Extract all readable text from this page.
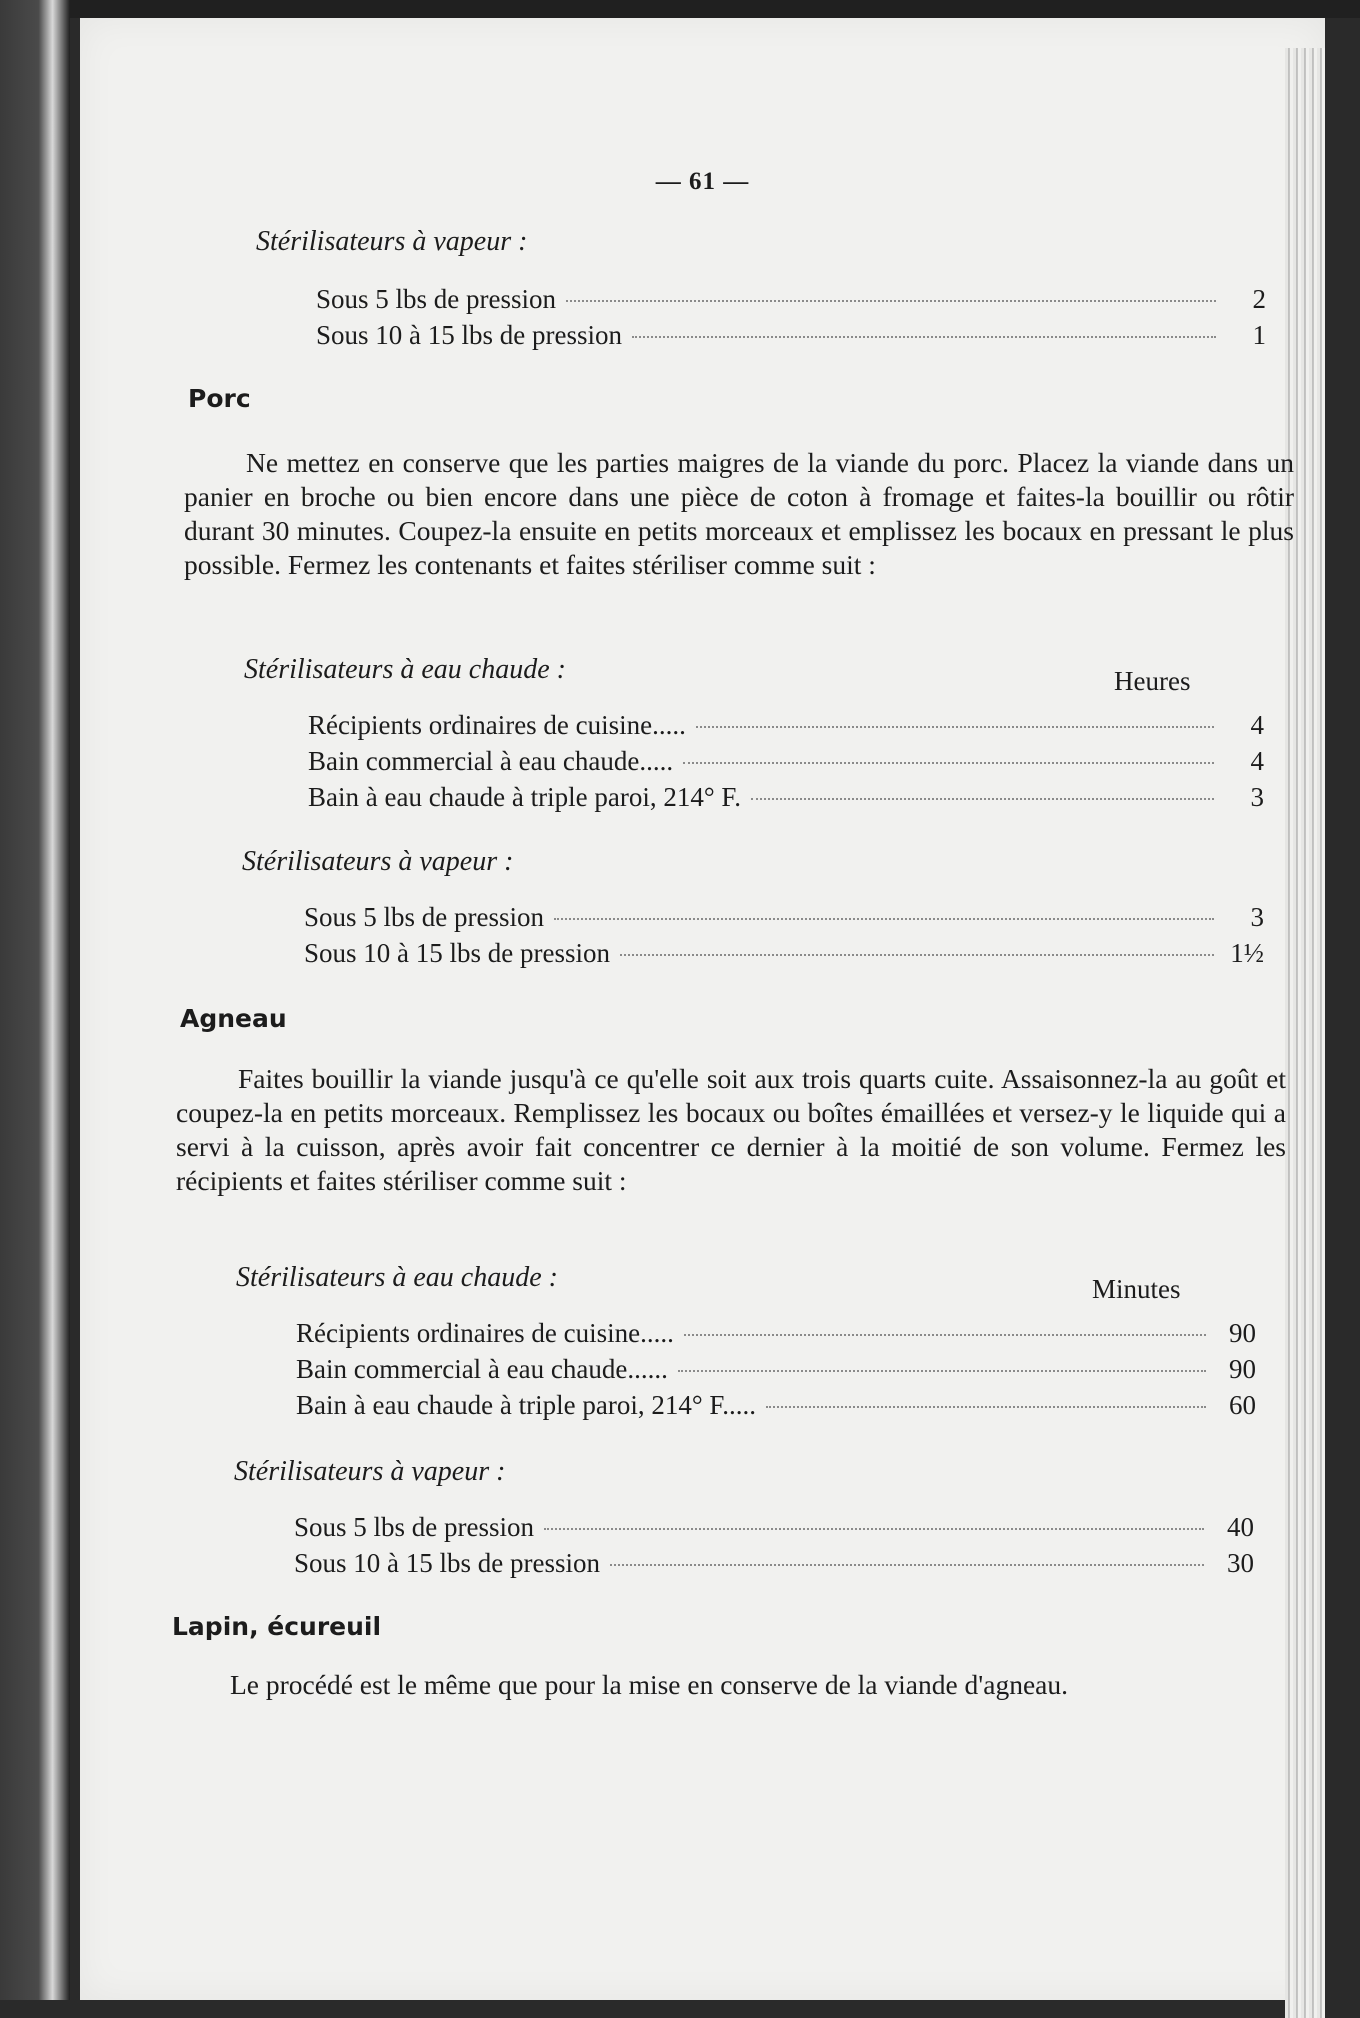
— 61 —
Stérilisateurs à vapeur :
Sous 5 lbs de pression	2
Sous 10 à 15 lbs de pression	1
Porc
Ne mettez en conserve que les parties maigres de la viande du porc. Placez la viande dans un panier en broche ou bien encore dans une pièce de coton à fromage et faites-la bouillir ou rôtir durant 30 minutes. Coupez-la ensuite en petits morceaux et emplissez les bocaux en pressant le plus possible. Fermez les contenants et faites stériliser comme suit :
Stérilisateurs à eau chaude :	Heures
Récipients ordinaires de cuisine.....	4
Bain commercial à eau chaude.....	4
Bain à eau chaude à triple paroi, 214° F.	3
Stérilisateurs à vapeur :
Sous 5 lbs de pression	3
Sous 10 à 15 lbs de pression	1½
Agneau
Faites bouillir la viande jusqu'à ce qu'elle soit aux trois quarts cuite. Assaisonnez-la au goût et coupez-la en petits morceaux. Remplissez les bocaux ou boîtes émaillées et versez-y le liquide qui a servi à la cuisson, après avoir fait concentrer ce dernier à la moitié de son volume. Fermez les récipients et faites stériliser comme suit :
Stérilisateurs à eau chaude :	Minutes
Récipients ordinaires de cuisine.....	90
Bain commercial à eau chaude......	90
Bain à eau chaude à triple paroi, 214° F.....	60
Stérilisateurs à vapeur :
Sous 5 lbs de pression	40
Sous 10 à 15 lbs de pression	30
Lapin, écureuil
Le procédé est le même que pour la mise en conserve de la viande d'agneau.
